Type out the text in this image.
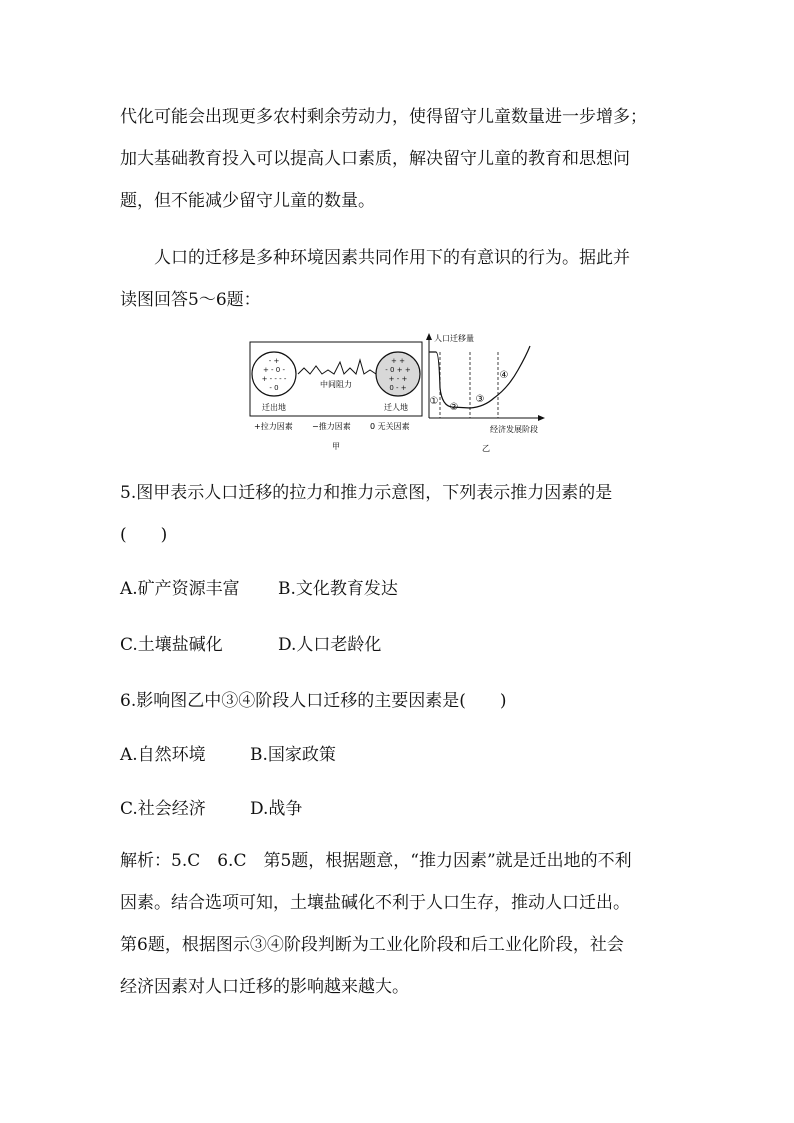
代化可能会出现更多农村剩余劳动力，使得留守儿童数量进一步增多；
加大基础教育投入可以提高人口素质，解决留守儿童的教育和思想问
题，但不能减少留守儿童的数量。
人口的迁移是多种环境因素共同作用下的有意识的行为。据此并
读图回答5～6题：
- +
+ - 0 -
+ - - - -
- 0
+ +
- 0 + +
+ - +
0 - +
中间阻力
迁出地	迁人地
+拉力因素 −推力因素 0 无关因素
甲
人口迁移量
①
②
③
④
经济发展阶段
乙

5.图甲表示人口迁移的拉力和推力示意图，下列表示推力因素的是

(　　)

A.矿产资源丰富 B.文化教育发达
C.土壤盐碱化	D.人口老龄化

6.影响图乙中③④阶段人口迁移的主要因素是(　　)

A.自然环境	B.国家政策
C.社会经济	D.战争
解析：5.C　6.C　第5题，根据题意，“推力因素”就是迁出地的不利
因素。结合选项可知，土壤盐碱化不利于人口生存，推动人口迁出。
第6题，根据图示③④阶段判断为工业化阶段和后工业化阶段，社会
经济因素对人口迁移的影响越来越大。
